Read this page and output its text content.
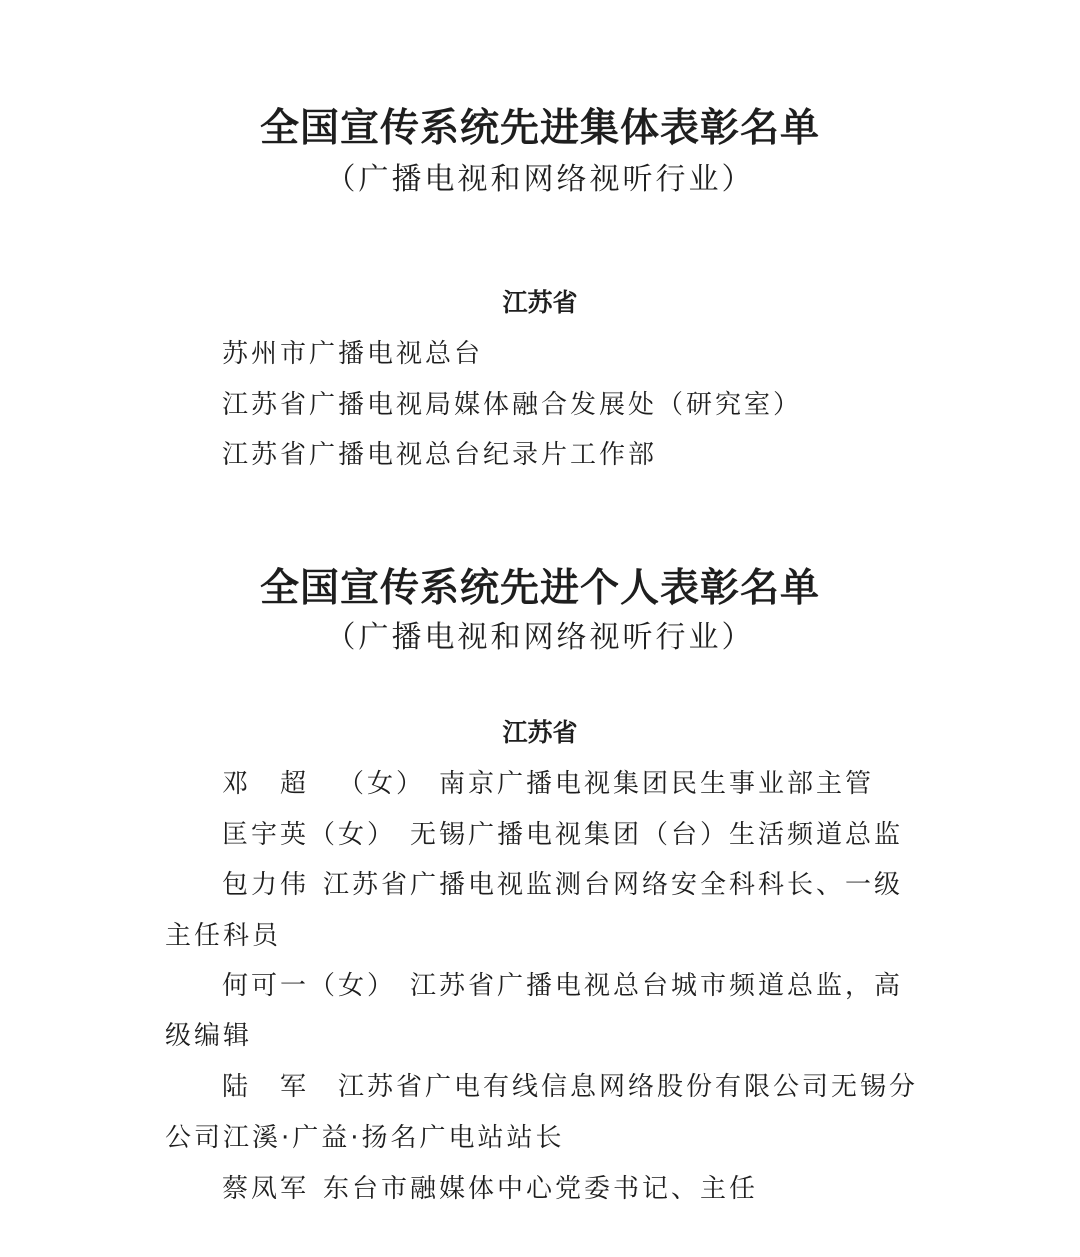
全国宣传系统先进集体表彰名单
（广播电视和网络视听行业）
江苏省
苏州市广播电视总台
江苏省广播电视局媒体融合发展处（研究室）
江苏省广播电视总台纪录片工作部
全国宣传系统先进个人表彰名单
（广播电视和网络视听行业）
江苏省
邓超（女） 南京广播电视集团民生事业部主管
匡宇英（女） 无锡广播电视集团（台）生活频道总监
包力伟 江苏省广播电视监测台网络安全科科长、一级
主任科员
何可一（女） 江苏省广播电视总台城市频道总监，高
级编辑
陆军江苏省广电有线信息网络股份有限公司无锡分
公司江溪·广益·扬名广电站站长
蔡凤军 东台市融媒体中心党委书记、主任
